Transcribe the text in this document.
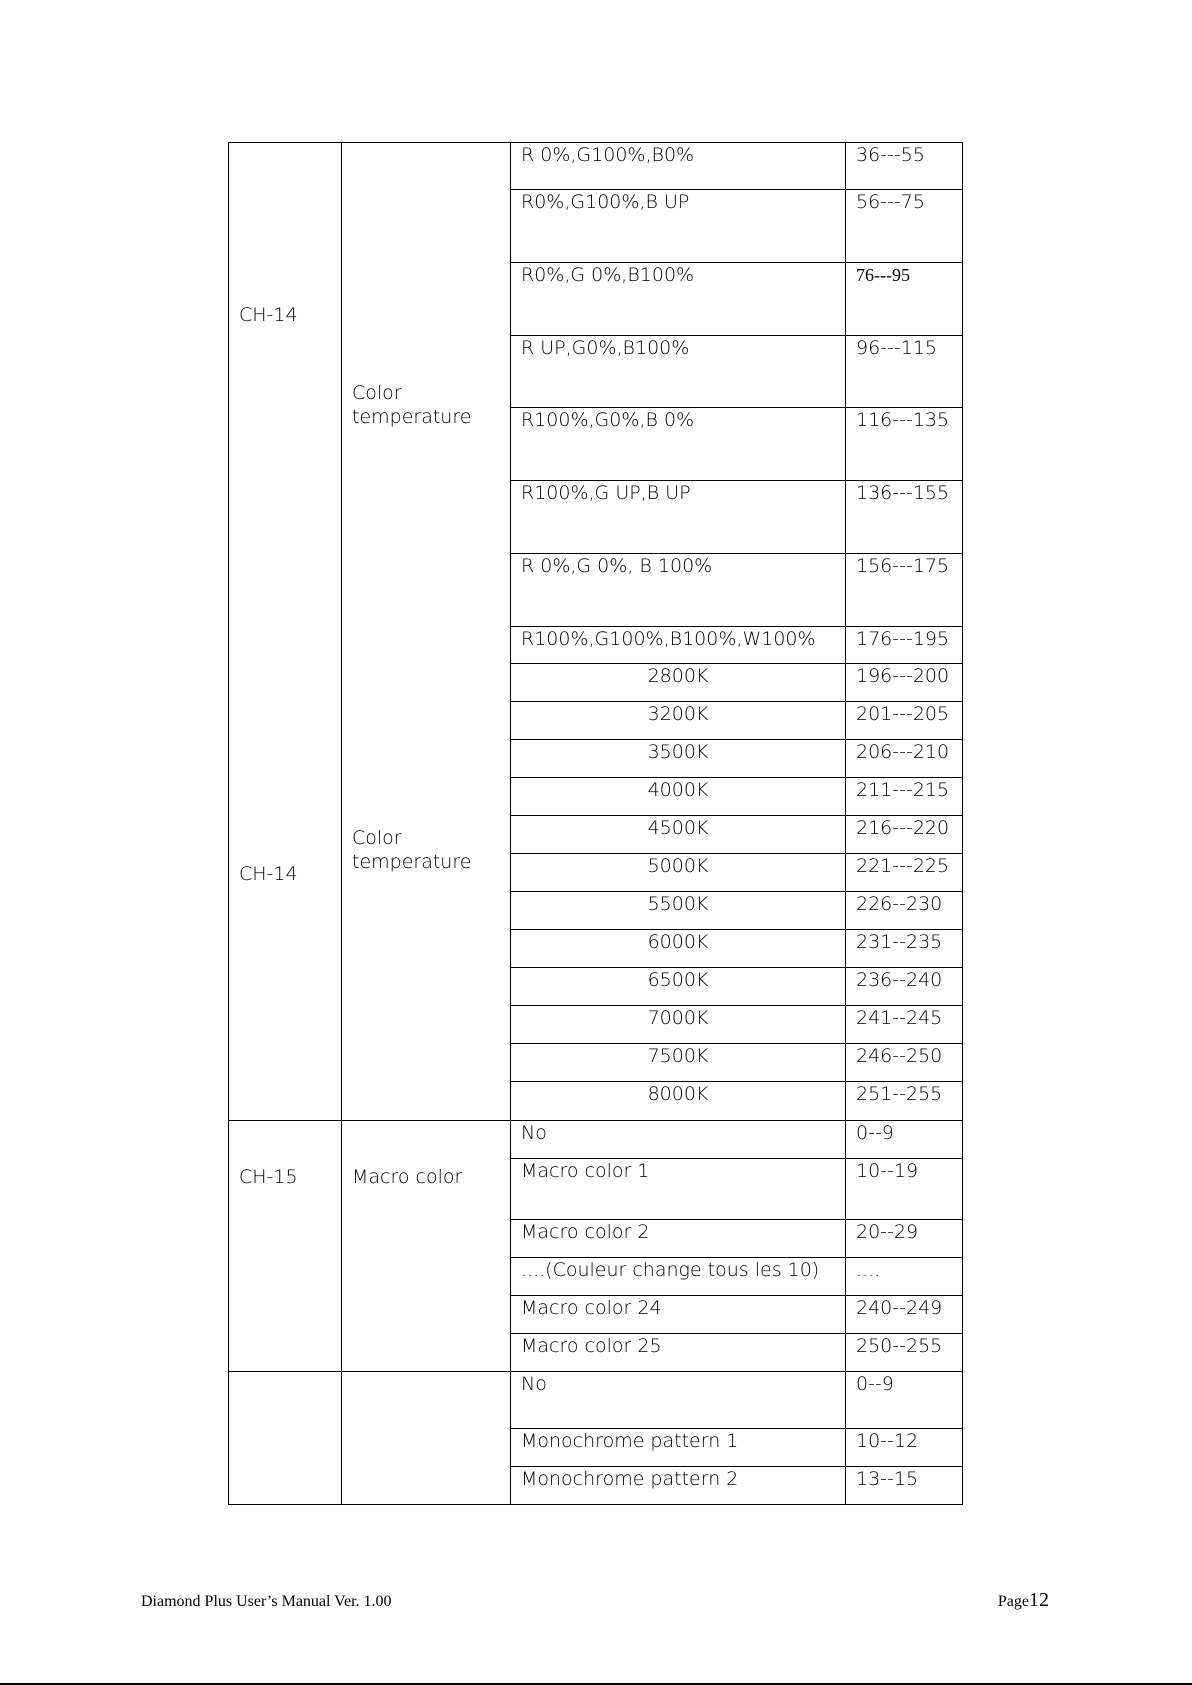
CH-14	Color temperature	R 0%,G100%,B0%	36---55
		R0%,G100%,B UP	56---75
		R0%,G 0%,B100%	76---95
		R UP,G0%,B100%	96---115
		R100%,G0%,B 0%	116---135
		R100%,G UP,B UP	136---155
		R 0%,G 0%, B 100%	156---175
		R100%,G100%,B100%,W100%	176---195

CH-14	Color temperature	2800K	196---200
		3200K	201---205
		3500K	206---210
		4000K	211---215
		4500K	216---220
		5000K	221---225
		5500K	226--230
		6000K	231--235
		6500K	236--240
		7000K	241--245
		7500K	246--250
		8000K	251--255
CH-15	Macro color	No	0--9
		Macro color 1	10--19
		Macro color 2	20--29
		....(Couleur change tous les 10)	....
		Macro color 24	240--249
		Macro color 25	250--255
		No	0--9
		Monochrome pattern 1	10--12
		Monochrome pattern 2	13--15
Diamond Plus User’s Manual Ver. 1.00	Page12
